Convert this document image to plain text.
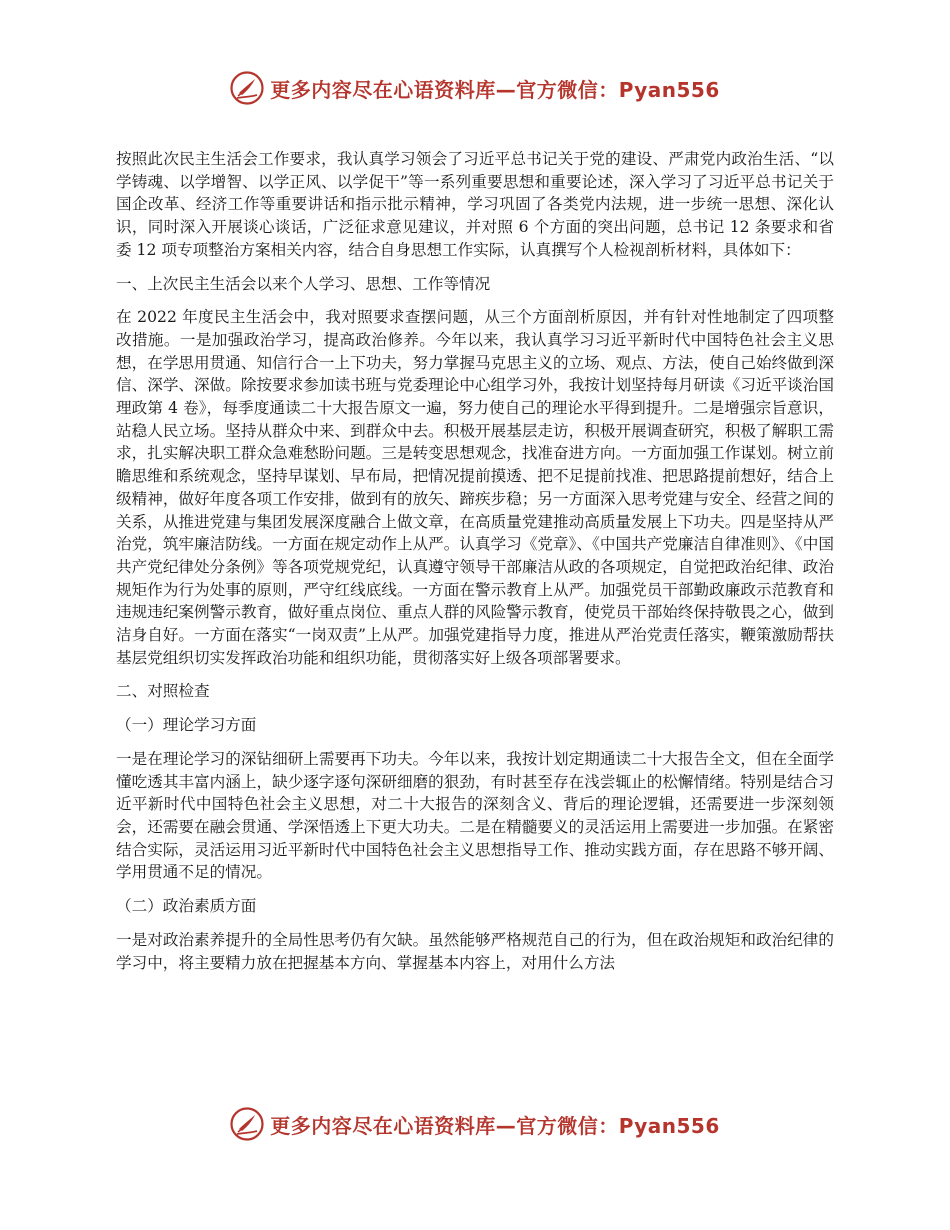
更多内容尽在心语资料库—官方微信：Pyan556

按照此次民主生活会工作要求，我认真学习领会了习近平总书记关于党的建设、严肃党内政治生活、“以学铸魂、以学增智、以学正风、以学促干”等一系列重要思想和重要论述，深入学习了习近平总书记关于国企改革、经济工作等重要讲话和指示批示精神，学习巩固了各类党内法规，进一步统一思想、深化认识，同时深入开展谈心谈话，广泛征求意见建议，并对照 6 个方面的突出问题，总书记 12 条要求和省委 12 项专项整治方案相关内容，结合自身思想工作实际，认真撰写个人检视剖析材料，具体如下：

一、上次民主生活会以来个人学习、思想、工作等情况

在 2022 年度民主生活会中，我对照要求查摆问题，从三个方面剖析原因，并有针对性地制定了四项整改措施。一是加强政治学习，提高政治修养。今年以来，我认真学习习近平新时代中国特色社会主义思想，在学思用贯通、知信行合一上下功夫，努力掌握马克思主义的立场、观点、方法，使自己始终做到深信、深学、深做。除按要求参加读书班与党委理论中心组学习外，我按计划坚持每月研读《习近平谈治国理政第 4 卷》，每季度通读二十大报告原文一遍，努力使自己的理论水平得到提升。二是增强宗旨意识，站稳人民立场。坚持从群众中来、到群众中去。积极开展基层走访，积极开展调查研究，积极了解职工需求，扎实解决职工群众急难愁盼问题。三是转变思想观念，找准奋进方向。一方面加强工作谋划。树立前瞻思维和系统观念，坚持早谋划、早布局，把情况提前摸透、把不足提前找准、把思路提前想好，结合上级精神，做好年度各项工作安排，做到有的放矢、蹄疾步稳；另一方面深入思考党建与安全、经营之间的关系，从推进党建与集团发展深度融合上做文章，在高质量党建推动高质量发展上下功夫。四是坚持从严治党，筑牢廉洁防线。一方面在规定动作上从严。认真学习《党章》、《中国共产党廉洁自律准则》、《中国共产党纪律处分条例》等各项党规党纪，认真遵守领导干部廉洁从政的各项规定，自觉把政治纪律、政治规矩作为行为处事的原则，严守红线底线。一方面在警示教育上从严。加强党员干部勤政廉政示范教育和违规违纪案例警示教育，做好重点岗位、重点人群的风险警示教育，使党员干部始终保持敬畏之心，做到洁身自好。一方面在落实“一岗双责”上从严。加强党建指导力度，推进从严治党责任落实，鞭策激励帮扶基层党组织切实发挥政治功能和组织功能，贯彻落实好上级各项部署要求。

二、对照检查

（一）理论学习方面

一是在理论学习的深钻细研上需要再下功夫。今年以来，我按计划定期通读二十大报告全文，但在全面学懂吃透其丰富内涵上，缺少逐字逐句深研细磨的狠劲，有时甚至存在浅尝辄止的松懈情绪。特别是结合习近平新时代中国特色社会主义思想，对二十大报告的深刻含义、背后的理论逻辑，还需要进一步深刻领会，还需要在融会贯通、学深悟透上下更大功夫。二是在精髓要义的灵活运用上需要进一步加强。在紧密结合实际，灵活运用习近平新时代中国特色社会主义思想指导工作、推动实践方面，存在思路不够开阔、学用贯通不足的情况。

（二）政治素质方面

一是对政治素养提升的全局性思考仍有欠缺。虽然能够严格规范自己的行为，但在政治规矩和政治纪律的学习中，将主要精力放在把握基本方向、掌握基本内容上，对用什么方法

更多内容尽在心语资料库—官方微信：Pyan556
